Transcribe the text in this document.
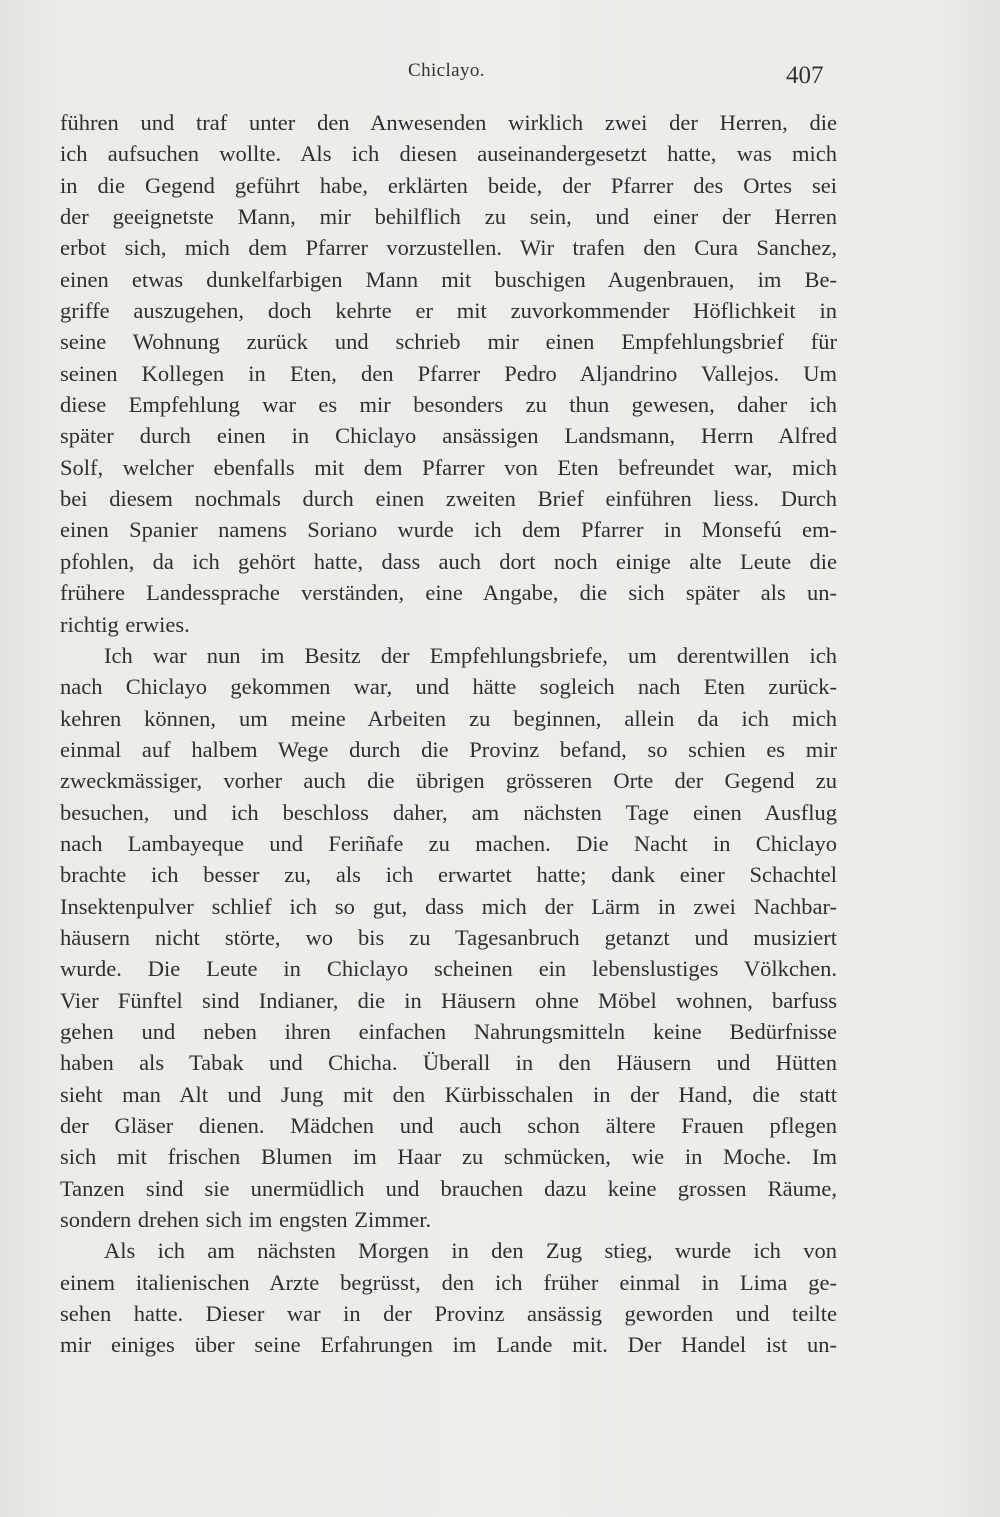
Chiclayo.	407
führen und traf unter den Anwesenden wirklich zwei der Herren, die
ich aufsuchen wollte. Als ich diesen auseinandergesetzt hatte, was mich
in die Gegend geführt habe, erklärten beide, der Pfarrer des Ortes sei
der geeignetste Mann, mir behilflich zu sein, und einer der Herren
erbot sich, mich dem Pfarrer vorzustellen. Wir trafen den Cura Sanchez,
einen etwas dunkelfarbigen Mann mit buschigen Augenbrauen, im Be-
griffe auszugehen, doch kehrte er mit zuvorkommender Höflichkeit in
seine Wohnung zurück und schrieb mir einen Empfehlungsbrief für
seinen Kollegen in Eten, den Pfarrer Pedro Aljandrino Vallejos. Um
diese Empfehlung war es mir besonders zu thun gewesen, daher ich
später durch einen in Chiclayo ansässigen Landsmann, Herrn Alfred
Solf, welcher ebenfalls mit dem Pfarrer von Eten befreundet war, mich
bei diesem nochmals durch einen zweiten Brief einführen liess. Durch
einen Spanier namens Soriano wurde ich dem Pfarrer in Monsefú em-
pfohlen, da ich gehört hatte, dass auch dort noch einige alte Leute die
frühere Landessprache verständen, eine Angabe, die sich später als un-
richtig erwies.
Ich war nun im Besitz der Empfehlungsbriefe, um derentwillen ich
nach Chiclayo gekommen war, und hätte sogleich nach Eten zurück-
kehren können, um meine Arbeiten zu beginnen, allein da ich mich
einmal auf halbem Wege durch die Provinz befand, so schien es mir
zweckmässiger, vorher auch die übrigen grösseren Orte der Gegend zu
besuchen, und ich beschloss daher, am nächsten Tage einen Ausflug
nach Lambayeque und Feriñafe zu machen. Die Nacht in Chiclayo
brachte ich besser zu, als ich erwartet hatte; dank einer Schachtel
Insektenpulver schlief ich so gut, dass mich der Lärm in zwei Nachbar-
häusern nicht störte, wo bis zu Tagesanbruch getanzt und musiziert
wurde. Die Leute in Chiclayo scheinen ein lebenslustiges Völkchen.
Vier Fünftel sind Indianer, die in Häusern ohne Möbel wohnen, barfuss
gehen und neben ihren einfachen Nahrungsmitteln keine Bedürfnisse
haben als Tabak und Chicha. Überall in den Häusern und Hütten
sieht man Alt und Jung mit den Kürbisschalen in der Hand, die statt
der Gläser dienen. Mädchen und auch schon ältere Frauen pflegen
sich mit frischen Blumen im Haar zu schmücken, wie in Moche. Im
Tanzen sind sie unermüdlich und brauchen dazu keine grossen Räume,
sondern drehen sich im engsten Zimmer.
Als ich am nächsten Morgen in den Zug stieg, wurde ich von
einem italienischen Arzte begrüsst, den ich früher einmal in Lima ge-
sehen hatte. Dieser war in der Provinz ansässig geworden und teilte
mir einiges über seine Erfahrungen im Lande mit. Der Handel ist un-
